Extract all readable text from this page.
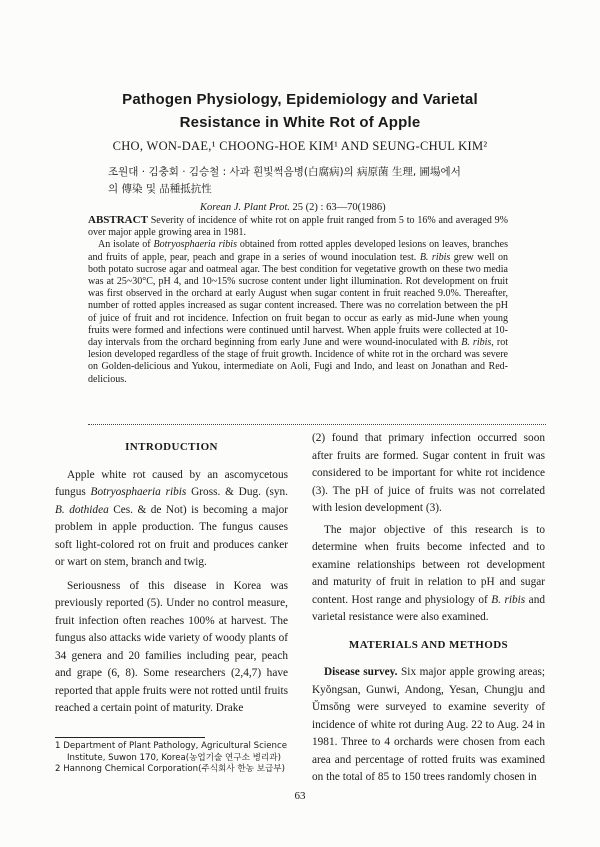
Pathogen Physiology, Epidemiology and Varietal
Resistance in White Rot of Apple
CHO, WON-DAE,¹ CHOONG-HOE KIM¹ AND SEUNG-CHUL KIM²
조원대 · 김충회 · 김승철 : 사과 흰빛썩음병(白腐病)의 病原菌 生理, 圃場에서
의 傳染 및 品種抵抗性
Korean J. Plant Prot. 25 (2) : 63—70(1986)

ABSTRACT Severity of incidence of white rot on apple fruit ranged from 5 to 16% and averaged 9% over major apple growing area in 1981.

An isolate of Botryosphaeria ribis obtained from rotted apples developed lesions on leaves, branches and fruits of apple, pear, peach and grape in a series of wound inoculation test. B. ribis grew well on both potato sucrose agar and oatmeal agar. The best condition for vegetative growth on these two media was at 25~30°C, pH 4, and 10~15% sucrose content under light illumination. Rot development on fruit was first observed in the orchard at early August when sugar content in fruit reached 9.0%. Thereafter, number of rotted apples increased as sugar content increased. There was no correlation between the pH of juice of fruit and rot incidence. Infection on fruit began to occur as early as mid-June when young fruits were formed and infections were continued until harvest. When apple fruits were collected at 10-day intervals from the orchard beginning from early June and were wound-inoculated with B. ribis, rot lesion developed regardless of the stage of fruit growth. Incidence of white rot in the orchard was severe on Golden-delicious and Yukou, intermediate on Aoli, Fugi and Indo, and least on Jonathan and Red-delicious.

INTRODUCTION

Apple white rot caused by an ascomycetous fungus Botryosphaeria ribis Gross. & Dug. (syn. B. dothidea Ces. & de Not) is becoming a major problem in apple production. The fungus causes soft light-colored rot on fruit and produces canker or wart on stem, branch and twig.

Seriousness of this disease in Korea was previously reported (5). Under no control measure, fruit infection often reaches 100% at harvest. The fungus also attacks wide variety of woody plants of 34 genera and 20 families including pear, peach and grape (6, 8). Some researchers (2,4,7) have reported that apple fruits were not rotted until fruits reached a certain point of maturity. Drake

(2) found that primary infection occurred soon after fruits are formed. Sugar content in fruit was considered to be important for white rot incidence (3). The pH of juice of fruits was not correlated with lesion development (3).

The major objective of this research is to determine when fruits become infected and to examine relationships between rot development and maturity of fruit in relation to pH and sugar content. Host range and physiology of B. ribis and varietal resistance were also examined.

MATERIALS AND METHODS

Disease survey. Six major apple growing areas; Kyŏngsan, Gunwi, Andong, Yesan, Chungju and Ŭmsŏng were surveyed to examine severity of incidence of white rot during Aug. 22 to Aug. 24 in 1981. Three to 4 orchards were chosen from each area and percentage of rotted fruits was examined on the total of 85 to 150 trees randomly chosen in

1 Department of Plant Pathology, Agricultural Science
Institute, Suwon 170, Korea(농업기술 연구소 병리과)
2 Hannong Chemical Corporation(주식회사 한농 보급부)
63
